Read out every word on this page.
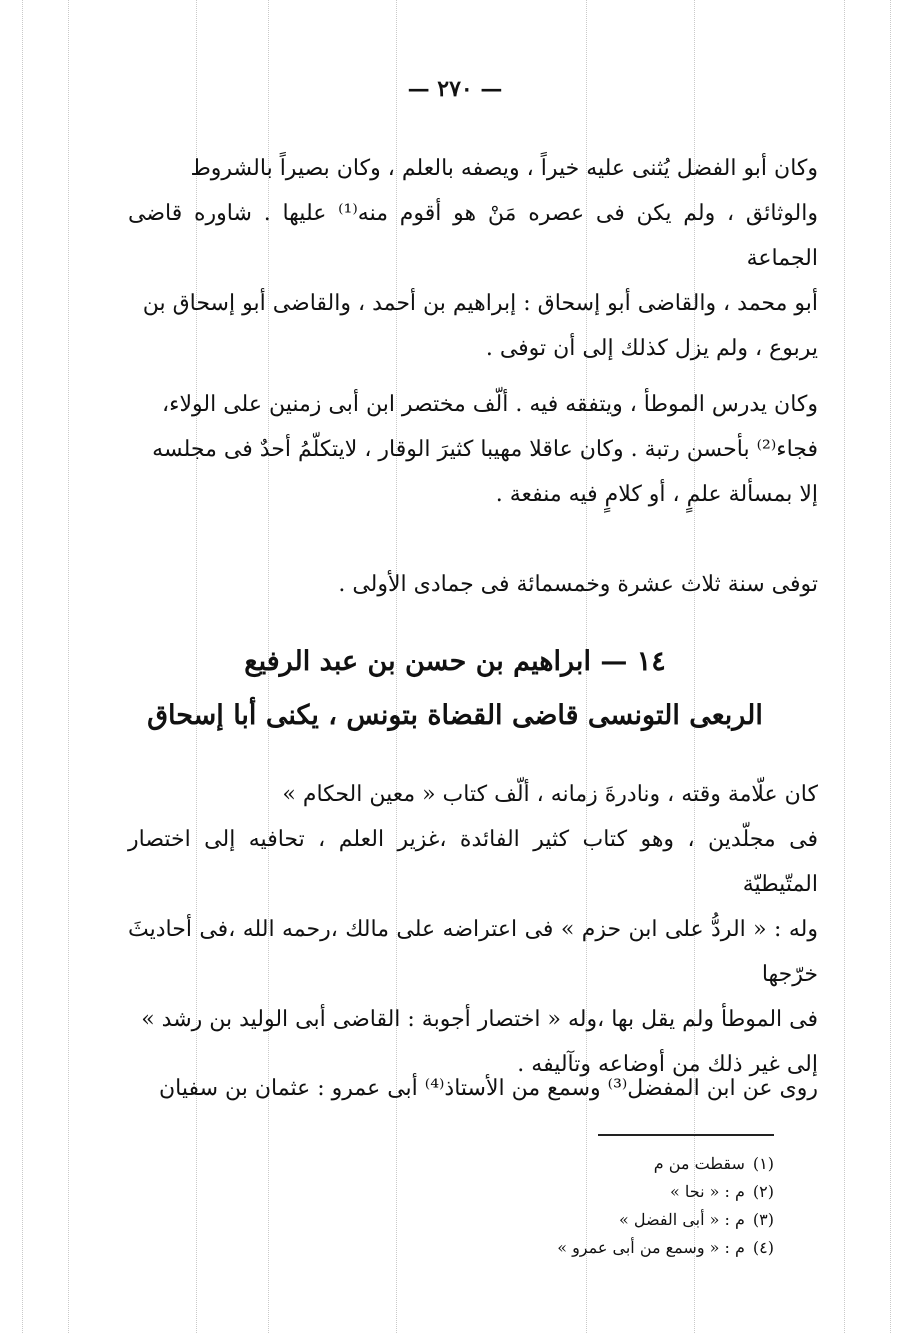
— ٢٧٠ —
وكان أبو الفضل يُثنى عليه خيراً ، ويصفه بالعلم ، وكان بصيراً بالشروط
والوثائق ، ولم يكن فى عصره مَنْ هو أقوم منه⁽¹⁾ عليها . شاوره قاضى الجماعة
أبو محمد ، والقاضى أبو إسحاق : إبراهيم بن أحمد ، والقاضى أبو إسحاق بن
يربوع ، ولم يزل كذلك إلى أن توفى .
وكان يدرس الموطأ ، ويتفقه فيه . ألّف مختصر ابن أبى زمنين على الولاء،
فجاء⁽²⁾ بأحسن رتبة . وكان عاقلا مهيبا كثيرَ الوقار ، لايتكلّمُ أحدٌ فى مجلسه
إلا بمسألة علمٍ ، أو كلامٍ فيه منفعة .
توفى سنة ثلاث عشرة وخمسمائة فى جمادى الأولى .
١٤ — ابراهيم بن حسن بن عبد الرفيع
الربعى التونسى قاضى القضاة بتونس ، يكنى أبا إسحاق
كان علّامة وقته ، ونادرةَ زمانه ، ألّف كتاب « معين الحكام »
فى مجلّدين ، وهو كتاب كثير الفائدة ،غزير العلم ، تحافيه إلى اختصار المتّيطيّة
وله : « الردُّ على ابن حزم » فى اعتراضه على مالك ،رحمه الله ،فى أحاديثَ خرّجها
فى الموطأ ولم يقل بها ،وله « اختصار أجوبة : القاضى أبى الوليد بن رشد »
إلى غير ذلك من أوضاعه وتآليفه .
روى عن ابن المفضل⁽³⁾ وسمع من الأستاذ⁽⁴⁾ أبى عمرو : عثمان بن سفيان
(١)سقطت من م
(٢)م : « نحا »
(٣)م : « أبى الفضل »
(٤)م : « وسمع من أبى عمرو »
